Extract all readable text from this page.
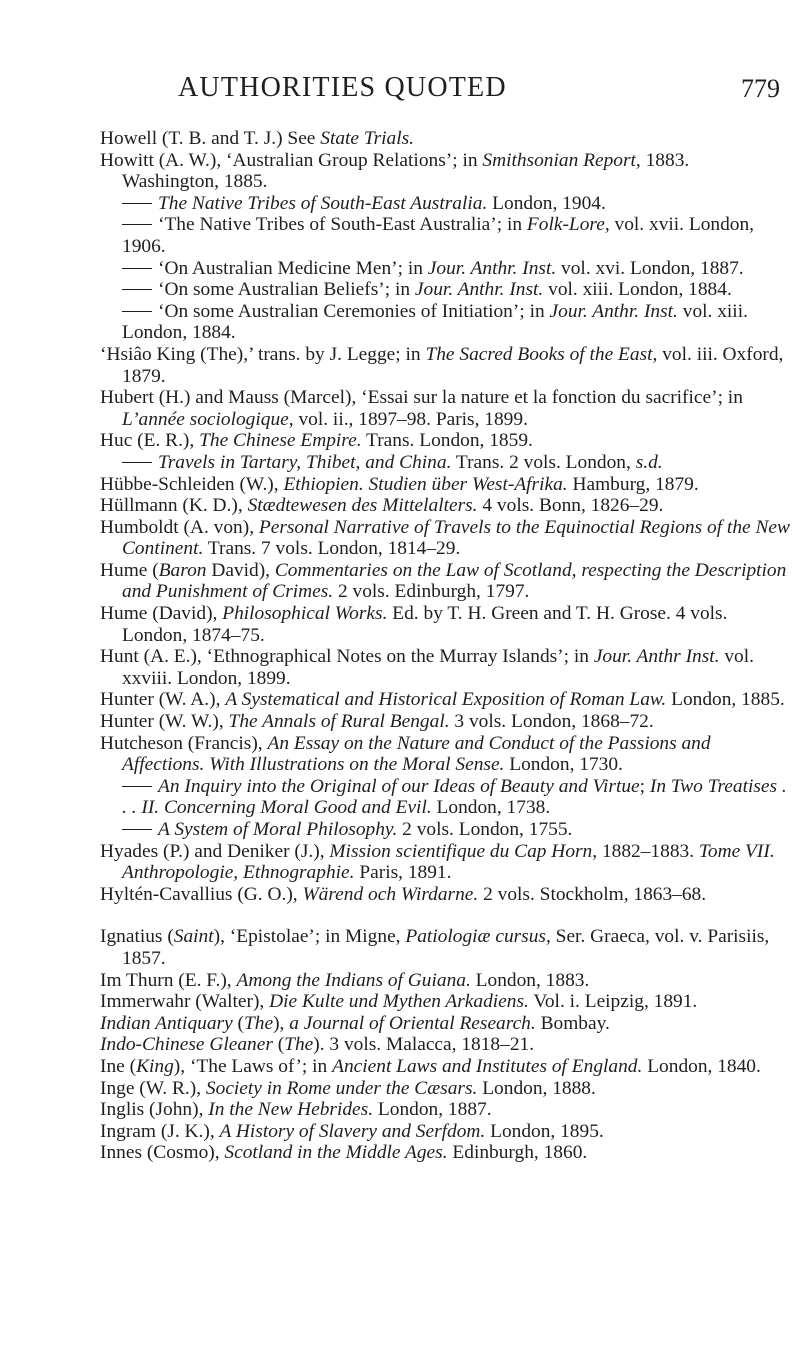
AUTHORITIES QUOTED	779

Howell (T. B. and T. J.) See State Trials.

Howitt (A. W.), ‘Australian Group Relations’; in Smithsonian Report, 1883. Washington, 1885.

The Native Tribes of South-East Australia. London, 1904.

‘The Native Tribes of South-East Australia’; in Folk-Lore, vol. xvii. London, 1906.

‘On Australian Medicine Men’; in Jour. Anthr. Inst. vol. xvi. London, 1887.

‘On some Australian Beliefs’; in Jour. Anthr. Inst. vol. xiii. London, 1884.

‘On some Australian Ceremonies of Initiation’; in Jour. Anthr. Inst. vol. xiii. London, 1884.

‘Hsiâo King (The),’ trans. by J. Legge; in The Sacred Books of the East, vol. iii. Oxford, 1879.

Hubert (H.) and Mauss (Marcel), ‘Essai sur la nature et la fonction du sacrifice’; in L’année sociologique, vol. ii., 1897–98. Paris, 1899.

Huc (E. R.), The Chinese Empire. Trans. London, 1859.

Travels in Tartary, Thibet, and China. Trans. 2 vols. London, s.d.

Hübbe-Schleiden (W.), Ethiopien. Studien über West-Afrika. Hamburg, 1879.

Hüllmann (K. D.), Stædtewesen des Mittelalters. 4 vols. Bonn, 1826–29.

Humboldt (A. von), Personal Narrative of Travels to the Equinoctial Regions of the New Continent. Trans. 7 vols. London, 1814–29.

Hume (Baron David), Commentaries on the Law of Scotland, respecting the Description and Punishment of Crimes. 2 vols. Edinburgh, 1797.

Hume (David), Philosophical Works. Ed. by T. H. Green and T. H. Grose. 4 vols. London, 1874–75.

Hunt (A. E.), ‘Ethnographical Notes on the Murray Islands’; in Jour. Anthr Inst. vol. xxviii. London, 1899.

Hunter (W. A.), A Systematical and Historical Exposition of Roman Law. London, 1885.

Hunter (W. W.), The Annals of Rural Bengal. 3 vols. London, 1868–72.

Hutcheson (Francis), An Essay on the Nature and Conduct of the Passions and Affections. With Illustrations on the Moral Sense. London, 1730.

An Inquiry into the Original of our Ideas of Beauty and Virtue; In Two Treatises . . . II. Concerning Moral Good and Evil. London, 1738.

A System of Moral Philosophy. 2 vols. London, 1755.

Hyades (P.) and Deniker (J.), Mission scientifique du Cap Horn, 1882–1883. Tome VII. Anthropologie, Ethnographie. Paris, 1891.

Hyltén-Cavallius (G. O.), Wärend och Wirdarne. 2 vols. Stockholm, 1863–68.

Ignatius (Saint), ‘Epistolae’; in Migne, Patiologiæ cursus, Ser. Graeca, vol. v. Parisiis, 1857.

Im Thurn (E. F.), Among the Indians of Guiana. London, 1883.

Immerwahr (Walter), Die Kulte und Mythen Arkadiens. Vol. i. Leipzig, 1891.

Indian Antiquary (The), a Journal of Oriental Research. Bombay.

Indo-Chinese Gleaner (The). 3 vols. Malacca, 1818–21.

Ine (King), ‘The Laws of’; in Ancient Laws and Institutes of England. London, 1840.

Inge (W. R.), Society in Rome under the Cæsars. London, 1888.

Inglis (John), In the New Hebrides. London, 1887.

Ingram (J. K.), A History of Slavery and Serfdom. London, 1895.

Innes (Cosmo), Scotland in the Middle Ages. Edinburgh, 1860.
